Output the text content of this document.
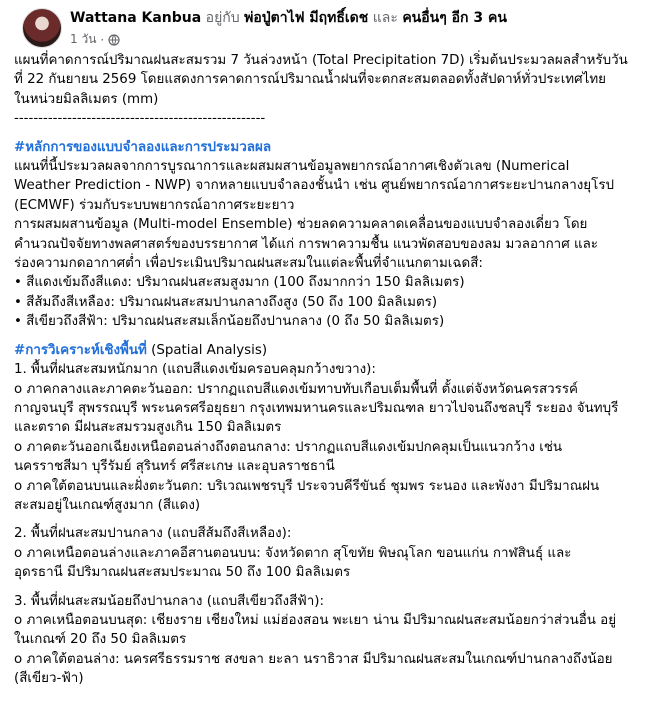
Wattana Kanbua อยู่กับ พ่อปู่ตาไฟ มีฤทธิ์เดช และ คนอื่นๆ อีก 3 คน
1 วัน ·

แผนที่คาดการณ์ปริมาณฝนสะสมรวม 7 วันล่วงหน้า (Total Precipitation 7D) เริ่มต้นประมวลผลสำหรับวัน

ที่ 22 กันยายน 2569 โดยแสดงการคาดการณ์ปริมาณน้ำฝนที่จะตกสะสมตลอดทั้งสัปดาห์ทั่วประเทศไทย

ในหน่วยมิลลิเมตร (mm)

----------------------------------------------------

#หลักการของแบบจำลองและการประมวลผล

แผนที่นี้ประมวลผลจากการบูรณาการและผสมผสานข้อมูลพยากรณ์อากาศเชิงตัวเลข (Numerical

Weather Prediction - NWP) จากหลายแบบจำลองชั้นนำ เช่น ศูนย์พยากรณ์อากาศระยะปานกลางยุโรป

(ECMWF) ร่วมกับระบบพยากรณ์อากาศระยะยาว

การผสมผสานข้อมูล (Multi-model Ensemble) ช่วยลดความคลาดเคลื่อนของแบบจำลองเดี่ยว โดย

คำนวณปัจจัยทางพลศาสตร์ของบรรยากาศ ได้แก่ การพาความชื้น แนวพัดสอบของลม มวลอากาศ และ

ร่องความกดอากาศต่ำ เพื่อประเมินปริมาณฝนสะสมในแต่ละพื้นที่จำแนกตามเฉดสี:

• สีแดงเข้มถึงสีแดง: ปริมาณฝนสะสมสูงมาก (100 ถึงมากกว่า 150 มิลลิเมตร)

• สีส้มถึงสีเหลือง: ปริมาณฝนสะสมปานกลางถึงสูง (50 ถึง 100 มิลลิเมตร)

• สีเขียวถึงสีฟ้า: ปริมาณฝนสะสมเล็กน้อยถึงปานกลาง (0 ถึง 50 มิลลิเมตร)

#การวิเคราะห์เชิงพื้นที่ (Spatial Analysis)

1. พื้นที่ฝนสะสมหนักมาก (แถบสีแดงเข้มครอบคลุมกว้างขวาง):

o ภาคกลางและภาคตะวันออก: ปรากฏแถบสีแดงเข้มทาบทับเกือบเต็มพื้นที่ ตั้งแต่จังหวัดนครสวรรค์

กาญจนบุรี สุพรรณบุรี พระนครศรีอยุธยา กรุงเทพมหานครและปริมณฑล ยาวไปจนถึงชลบุรี ระยอง จันทบุรี

และตราด มีฝนสะสมรวมสูงเกิน 150 มิลลิเมตร

o ภาคตะวันออกเฉียงเหนือตอนล่างถึงตอนกลาง: ปรากฏแถบสีแดงเข้มปกคลุมเป็นแนวกว้าง เช่น

นครราชสีมา บุรีรัมย์ สุรินทร์ ศรีสะเกษ และอุบลราชธานี

o ภาคใต้ตอนบนและฝั่งตะวันตก: บริเวณเพชรบุรี ประจวบคีรีขันธ์ ชุมพร ระนอง และพังงา มีปริมาณฝน

สะสมอยู่ในเกณฑ์สูงมาก (สีแดง)

2. พื้นที่ฝนสะสมปานกลาง (แถบสีส้มถึงสีเหลือง):

o ภาคเหนือตอนล่างและภาคอีสานตอนบน: จังหวัดตาก สุโขทัย พิษณุโลก ขอนแก่น กาฬสินธุ์ และ

อุดรธานี มีปริมาณฝนสะสมประมาณ 50 ถึง 100 มิลลิเมตร

3. พื้นที่ฝนสะสมน้อยถึงปานกลาง (แถบสีเขียวถึงสีฟ้า):

o ภาคเหนือตอนบนสุด: เชียงราย เชียงใหม่ แม่ฮ่องสอน พะเยา น่าน มีปริมาณฝนสะสมน้อยกว่าส่วนอื่น อยู่

ในเกณฑ์ 20 ถึง 50 มิลลิเมตร

o ภาคใต้ตอนล่าง: นครศรีธรรมราช สงขลา ยะลา นราธิวาส มีปริมาณฝนสะสมในเกณฑ์ปานกลางถึงน้อย

(สีเขียว-ฟ้า)
